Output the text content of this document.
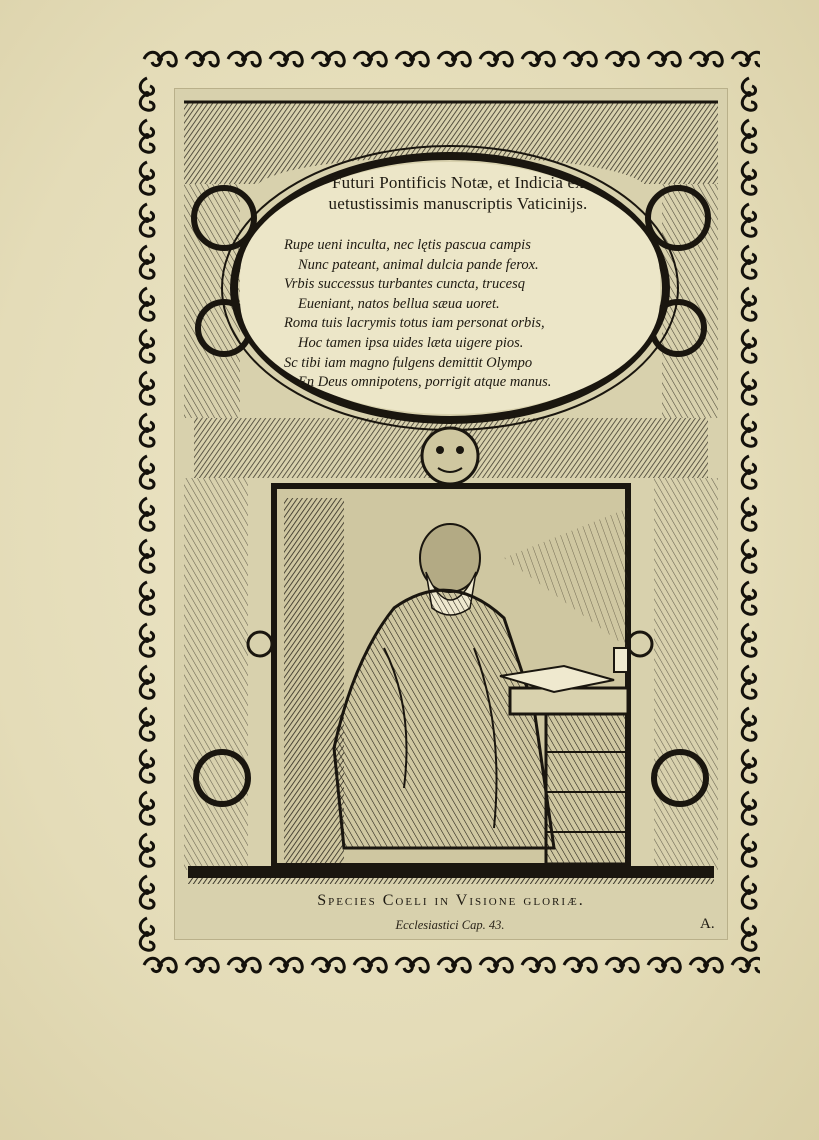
Futuri Pontificis Notæ, et Indicia ex
uetustissimis manuscriptis Vaticinijs.
Rupe ueni inculta, nec lętis pascua campis
Nunc pateant, animal dulcia pande ferox.
Vrbis successus turbantes cuncta, trucesq
Eueniant, natos bellua sæua uoret.
Roma tuis lacrymis totus iam personat orbis,
Hoc tamen ipsa uides læta uigere pios.
Sc tibi iam magno fulgens demittit Olympo
En Deus omnipotens, porrigit atque manus.
Species Coeli in Visione gloriæ.
Ecclesiastici Cap. 43.	A.
